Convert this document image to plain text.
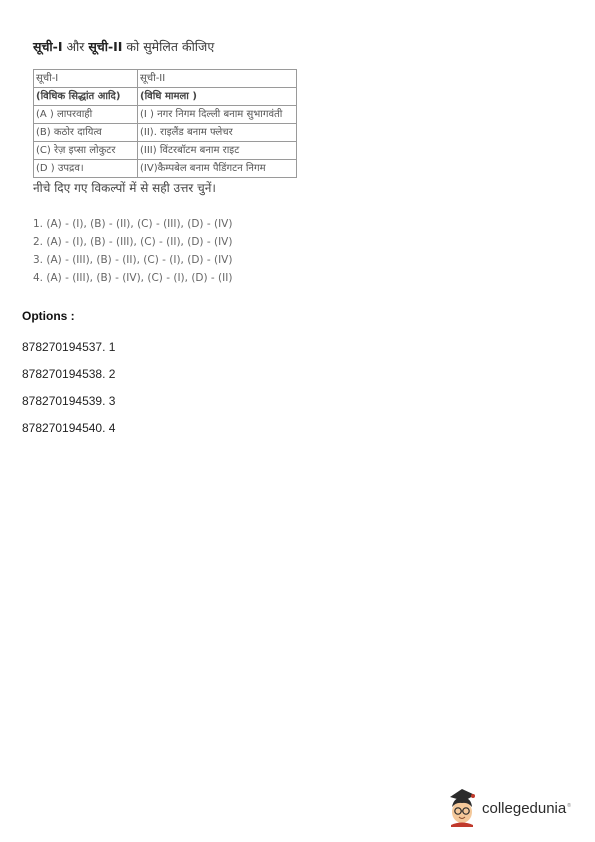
सूची-I और सूची-II को सुमेलित कीजिए
सूची-I	सूची-II
(विधिक सिद्धांत आदि)	(विधि मामला )
(A ) लापरवाही	(I ) नगर निगम दिल्ली बनाम सुभागवंती
(B) कठोर दायित्व	(II). राइलैंड बनाम फ्लेचर
(C) रेज़ इप्सा लोकुटर	(III) विंटरबॉटम बनाम राइट
(D ) उपद्रव।	(IV)कैम्पबेल बनाम पैडिंगटन निगम
नीचे दिए गए विकल्पों में से सही उत्तर चुनें।
1. (A) - (I), (B) - (II), (C) - (III), (D) - (IV)
2. (A) - (I), (B) - (III), (C) - (II), (D) - (IV)
3. (A) - (III), (B) - (II), (C) - (I), (D) - (IV)
4. (A) - (III), (B) - (IV), (C) - (I), (D) - (II)
Options :
878270194537. 1
878270194538. 2
878270194539. 3
878270194540. 4
collegedunia®
